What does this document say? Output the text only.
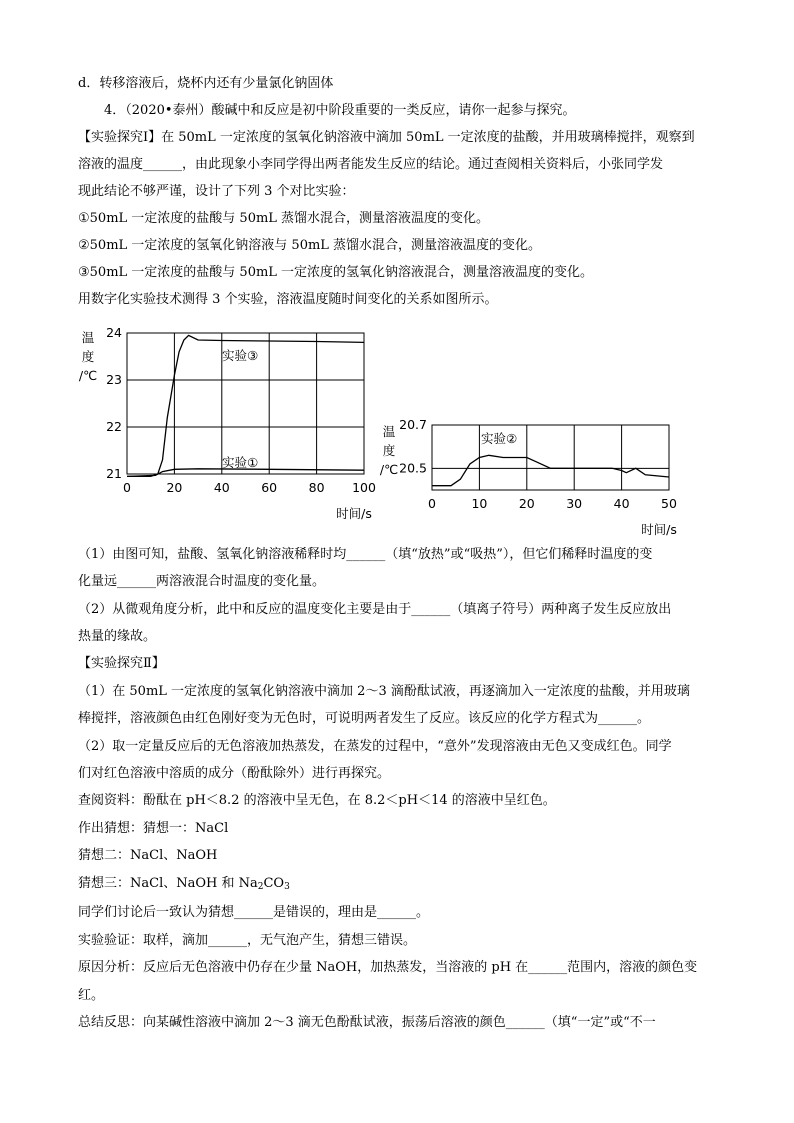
d．转移溶液后，烧杯内还有少量氯化钠固体
4．（2020•泰州）酸碱中和反应是初中阶段重要的一类反应，请你一起参与探究。
【实验探究Ⅰ】在 50mL 一定浓度的氢氧化钠溶液中滴加 50mL 一定浓度的盐酸，并用玻璃棒搅拌，观察到
溶液的温度______，由此现象小李同学得出两者能发生反应的结论。通过查阅相关资料后，小张同学发
现此结论不够严谨，设计了下列 3 个对比实验：
①50mL 一定浓度的盐酸与 50mL 蒸馏水混合，测量溶液温度的变化。
②50mL 一定浓度的氢氧化钠溶液与 50mL 蒸馏水混合，测量溶液温度的变化。
③50mL 一定浓度的盐酸与 50mL 一定浓度的氢氧化钠溶液混合，测量溶液温度的变化。
用数字化实验技术测得 3 个实验，溶液温度随时间变化的关系如图所示。
0	20	40	60	80 100
21
22
23
24
温
度
/℃
时间/s
实验③
实验①
0	10	20	30	40	50
20.5
20.7
温
度
/℃
时间/s
实验②
（1）由图可知，盐酸、氢氧化钠溶液稀释时均______（填“放热”或“吸热”），但它们稀释时温度的变
化量远______两溶液混合时温度的变化量。
（2）从微观角度分析，此中和反应的温度变化主要是由于______（填离子符号）两种离子发生反应放出
热量的缘故。
【实验探究Ⅱ】
（1）在 50mL 一定浓度的氢氧化钠溶液中滴加 2～3 滴酚酞试液，再逐滴加入一定浓度的盐酸，并用玻璃
棒搅拌，溶液颜色由红色刚好变为无色时，可说明两者发生了反应。该反应的化学方程式为______。
（2）取一定量反应后的无色溶液加热蒸发，在蒸发的过程中，“意外”发现溶液由无色又变成红色。同学
们对红色溶液中溶质的成分（酚酞除外）进行再探究。
查阅资料：酚酞在 pH＜8.2 的溶液中呈无色，在 8.2＜pH＜14 的溶液中呈红色。
作出猜想：猜想一：NaCl
猜想二：NaCl、NaOH
猜想三：NaCl、NaOH 和 $Na_2CO_3$
同学们讨论后一致认为猜想______是错误的，理由是______。
实验验证：取样，滴加______，无气泡产生，猜想三错误。
原因分析：反应后无色溶液中仍存在少量 NaOH，加热蒸发，当溶液的 pH 在______范围内，溶液的颜色变
红。
总结反思：向某碱性溶液中滴加 2～3 滴无色酚酞试液，振荡后溶液的颜色______（填“一定”或“不一
